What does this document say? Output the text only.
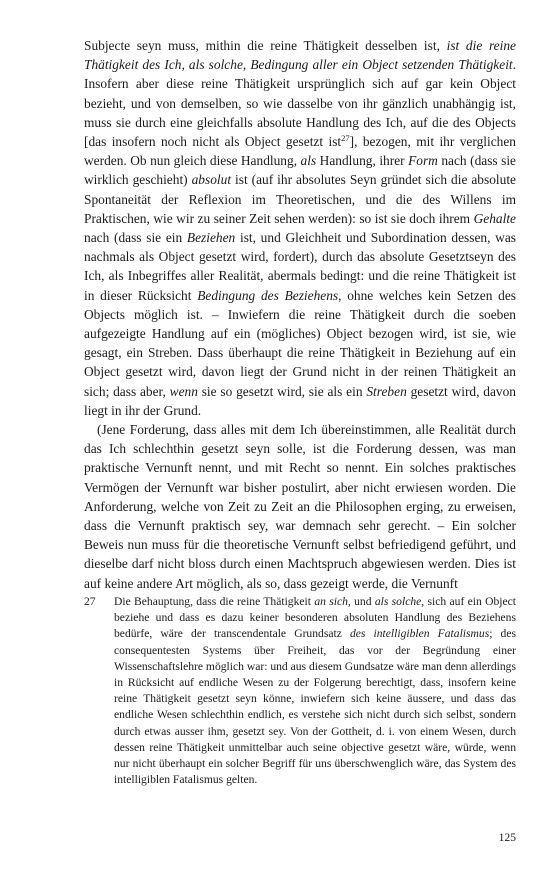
Subjecte seyn muss, mithin die reine Thätigkeit desselben ist, ist die reine Thätigkeit des Ich, als solche, Bedingung aller ein Object setzenden Thätigkeit. Insofern aber diese reine Thätigkeit ursprünglich sich auf gar kein Object bezieht, und von demselben, so wie dasselbe von ihr gänzlich unabhängig ist, muss sie durch eine gleichfalls absolute Handlung des Ich, auf die des Objects [das insofern noch nicht als Object gesetzt ist$^{27}$], bezogen, mit ihr verglichen werden. Ob nun gleich diese Handlung, als Handlung, ihrer Form nach (dass sie wirklich geschieht) absolut ist (auf ihr absolutes Seyn gründet sich die absolute Spontaneität der Reflexion im Theoretischen, und die des Willens im Praktischen, wie wir zu seiner Zeit sehen werden): so ist sie doch ihrem Gehalte nach (dass sie ein Beziehen ist, und Gleichheit und Subordination dessen, was nachmals als Object gesetzt wird, fordert), durch das absolute Gesetztseyn des Ich, als Inbegriffes aller Realität, abermals bedingt: und die reine Thätigkeit ist in dieser Rücksicht Bedingung des Beziehens, ohne welches kein Setzen des Objects möglich ist. – Inwiefern die reine Thätigkeit durch die soeben aufgezeigte Handlung auf ein (mögliches) Object bezogen wird, ist sie, wie gesagt, ein Streben. Dass überhaupt die reine Thätigkeit in Beziehung auf ein Object gesetzt wird, davon liegt der Grund nicht in der reinen Thätigkeit an sich; dass aber, wenn sie so gesetzt wird, sie als ein Streben gesetzt wird, davon liegt in ihr der Grund.

(Jene Forderung, dass alles mit dem Ich übereinstimmen, alle Realität durch das Ich schlechthin gesetzt seyn solle, ist die Forderung dessen, was man praktische Vernunft nennt, und mit Recht so nennt. Ein solches praktisches Vermögen der Vernunft war bisher postulirt, aber nicht erwiesen worden. Die Anforderung, welche von Zeit zu Zeit an die Philosophen erging, zu erweisen, dass die Vernunft praktisch sey, war demnach sehr gerecht. – Ein solcher Beweis nun muss für die theoretische Vernunft selbst befriedigend geführt, und dieselbe darf nicht bloss durch einen Machtspruch abgewiesen werden. Dies ist auf keine andere Art möglich, als so, dass gezeigt werde, die Vernunft

27	Die Behauptung, dass die reine Thätigkeit an sich, und als solche, sich auf ein Object beziehe und dass es dazu keiner besonderen absoluten Handlung des Beziehens bedürfe, wäre der transcendentale Grundsatz des intelligiblen Fatalismus; des consequentesten Systems über Freiheit, das vor der Begründung einer Wissenschaftslehre möglich war: und aus diesem Gundsatze wäre man denn allerdings in Rücksicht auf endliche Wesen zu der Folgerung berechtigt, dass, insofern keine reine Thätigkeit gesetzt seyn könne, inwiefern sich keine äussere, und dass das endliche Wesen schlechthin endlich, es verstehe sich nicht durch sich selbst, sondern durch etwas ausser ihm, gesetzt sey. Von der Gottheit, d. i. von einem Wesen, durch dessen reine Thätigkeit unmittelbar auch seine objective gesetzt wäre, würde, wenn nur nicht überhaupt ein solcher Begriff für uns überschwenglich wäre, das System des intelligiblen Fatalismus gelten.
125
